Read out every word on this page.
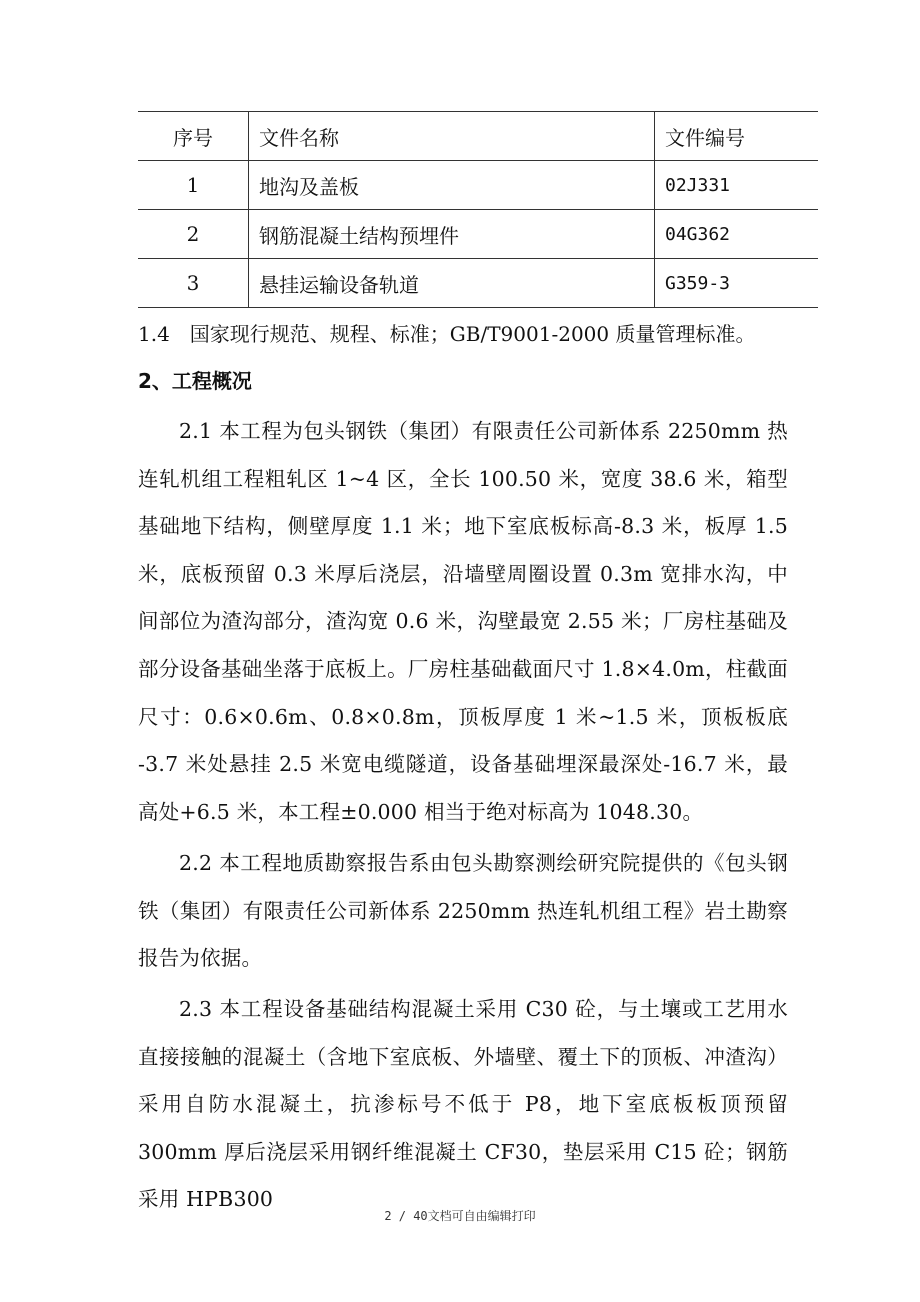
序号	文件名称	文件编号
1	地沟及盖板	02J331
2	钢筋混凝土结构预埋件	04G362
3	悬挂运输设备轨道	G359-3
1.4　国家现行规范、规程、标准；GB/T9001-2000 质量管理标准。
2、工程概况
2.1 本工程为包头钢铁（集团）有限责任公司新体系 2250mm 热连轧机组工程粗轧区 1~4 区，全长 100.50 米，宽度 38.6 米，箱型基础地下结构，侧壁厚度 1.1 米；地下室底板标高-8.3 米，板厚 1.5 米，底板预留 0.3 米厚后浇层，沿墙壁周圈设置 0.3m 宽排水沟，中间部位为渣沟部分，渣沟宽 0.6 米，沟壁最宽 2.55 米；厂房柱基础及部分设备基础坐落于底板上。厂房柱基础截面尺寸 1.8×4.0m，柱截面尺寸：0.6×0.6m、0.8×0.8m，顶板厚度 1 米~1.5 米，顶板板底 -3.7 米处悬挂 2.5 米宽电缆隧道，设备基础埋深最深处-16.7 米，最高处+6.5 米，本工程±0.000 相当于绝对标高为 1048.30。
2.2 本工程地质勘察报告系由包头勘察测绘研究院提供的《包头钢铁（集团）有限责任公司新体系 2250mm 热连轧机组工程》岩土勘察报告为依据。
2.3 本工程设备基础结构混凝土采用 C30 砼，与土壤或工艺用水直接接触的混凝土（含地下室底板、外墙壁、覆土下的顶板、冲渣沟）采用自防水混凝土，抗渗标号不低于 P8，地下室底板板顶预留 300mm 厚后浇层采用钢纤维混凝土 CF30，垫层采用 C15 砼；钢筋采用 HPB300
2 / 40文档可自由编辑打印
